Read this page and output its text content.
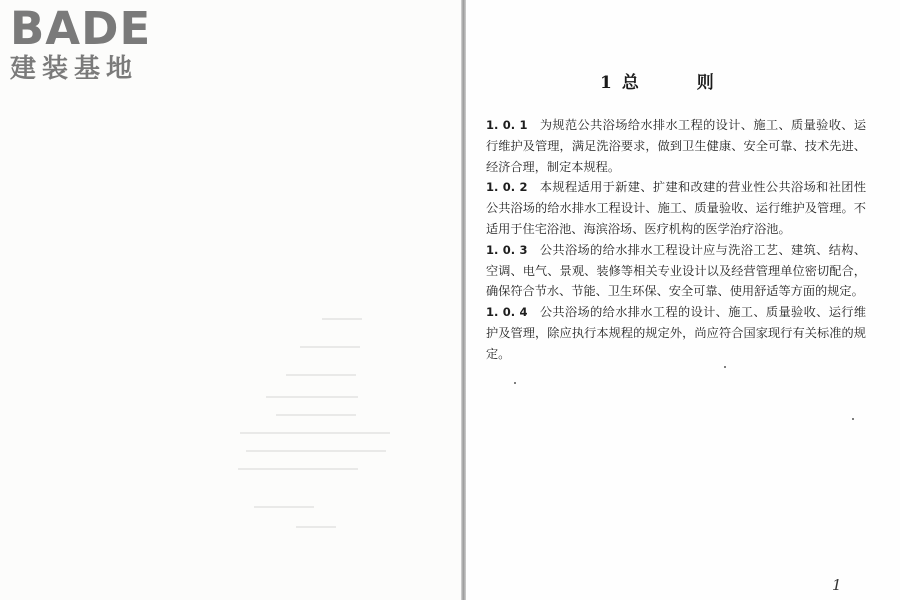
BADE
建装基地	1 总 则

1. 0. 1 为规范公共浴场给水排水工程的设计、施工、质量验收、运行维护及管理，满足洗浴要求，做到卫生健康、安全可靠、技术先进、经济合理，制定本规程。

1. 0. 2 本规程适用于新建、扩建和改建的营业性公共浴场和社团性公共浴场的给水排水工程设计、施工、质量验收、运行维护及管理。不适用于住宅浴池、海滨浴场、医疗机构的医学治疗浴池。

1. 0. 3 公共浴场的给水排水工程设计应与洗浴工艺、建筑、结构、空调、电气、景观、装修等相关专业设计以及经营管理单位密切配合，确保符合节水、节能、卫生环保、安全可靠、使用舒适等方面的规定。

1. 0. 4 公共浴场的给水排水工程的设计、施工、质量验收、运行维护及管理，除应执行本规程的规定外，尚应符合国家现行有关标准的规定。

1
